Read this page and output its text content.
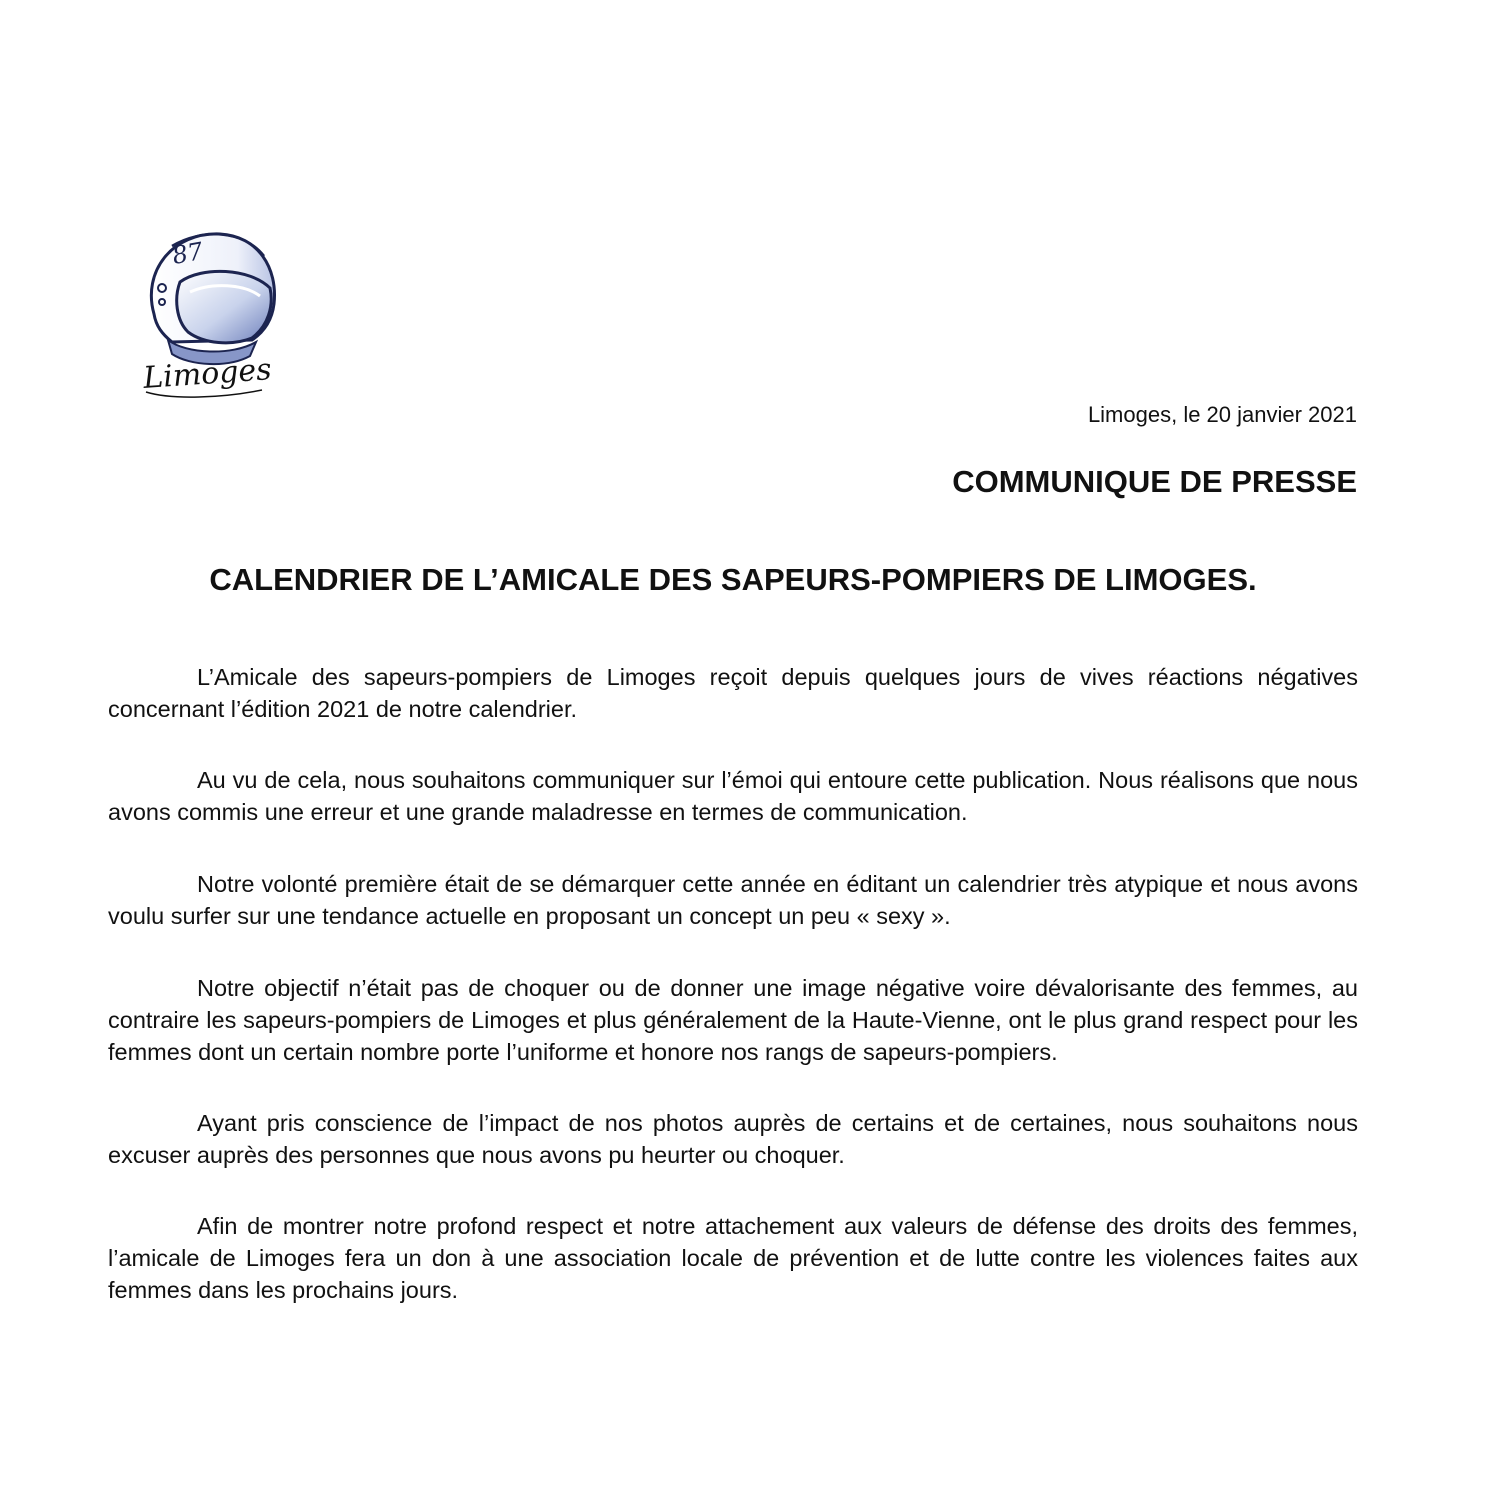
87
Limoges
Limoges, le 20 janvier 2021
COMMUNIQUE DE PRESSE
CALENDRIER DE L’AMICALE DES SAPEURS-POMPIERS DE LIMOGES.

L’Amicale des sapeurs-pompiers de Limoges reçoit depuis quelques jours de vives réactions négatives concernant l’édition 2021 de notre calendrier.

Au vu de cela, nous souhaitons communiquer sur l’émoi qui entoure cette publication. Nous réalisons que nous avons commis une erreur et une grande maladresse en termes de communication.

Notre volonté première était de se démarquer cette année en éditant un calendrier très atypique et nous avons voulu surfer sur une tendance actuelle en proposant un concept un peu « sexy ».

Notre objectif n’était pas de choquer ou de donner une image négative voire dévalorisante des femmes, au contraire les sapeurs-pompiers de Limoges et plus généralement de la Haute-Vienne, ont le plus grand respect pour les femmes dont un certain nombre porte l’uniforme et honore nos rangs de sapeurs-pompiers.

Ayant pris conscience de l’impact de nos photos auprès de certains et de certaines, nous souhaitons nous excuser auprès des personnes que nous avons pu heurter ou choquer.

Afin de montrer notre profond respect et notre attachement aux valeurs de défense des droits des femmes, l’amicale de Limoges fera un don à une association locale de prévention et de lutte contre les violences faites aux femmes dans les prochains jours.
